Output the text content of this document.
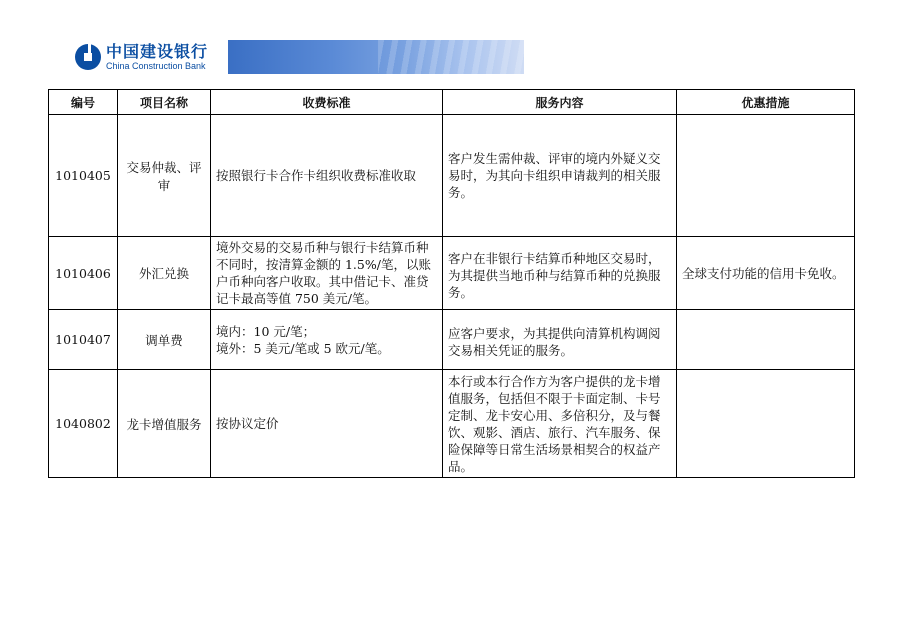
中国建设银行
China Construction Bank
编号	项目名称	收费标准	服务内容	优惠措施
1010405	交易仲裁、评审	按照银行卡合作卡组织收费标准收取	客户发生需仲裁、评审的境内外疑义交易时，为其向卡组织申请裁判的相关服务。	

1010406	外汇兑换	境外交易的交易币种与银行卡结算币种不同时，按清算金额的 1.5%/笔，以账户币种向客户收取。其中借记卡、准贷记卡最高等值 750 美元/笔。	客户在非银行卡结算币种地区交易时，为其提供当地币种与结算币种的兑换服务。	全球支付功能的信用卡免收。
1010407	调单费	境内：10 元/笔；
境外：5 美元/笔或 5 欧元/笔。	应客户要求，为其提供向清算机构调阅交易相关凭证的服务。	

1040802	龙卡增值服务	按协议定价	本行或本行合作方为客户提供的龙卡增值服务，包括但不限于卡面定制、卡号定制、龙卡安心用、多倍积分，及与餐饮、观影、酒店、旅行、汽车服务、保险保障等日常生活场景相契合的权益产品。	
